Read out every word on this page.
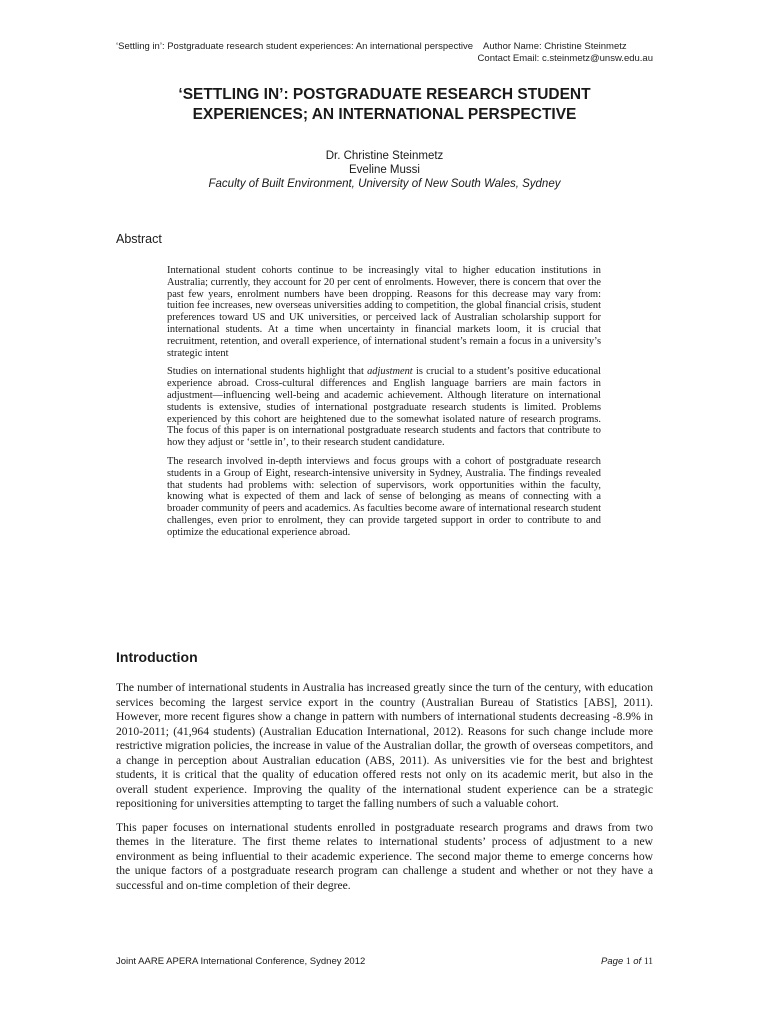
‘Settling in’: Postgraduate research student experiences: An international perspective    Author Name: Christine Steinmetz
Contact Email: c.steinmetz@unsw.edu.au
‘SETTLING IN’: POSTGRADUATE RESEARCH STUDENT
EXPERIENCES; AN INTERNATIONAL PERSPECTIVE
Dr. Christine Steinmetz
Eveline Mussi
Faculty of Built Environment, University of New South Wales, Sydney
Abstract

International student cohorts continue to be increasingly vital to higher education institutions in Australia; currently, they account for 20 per cent of enrolments. However, there is concern that over the past few years, enrolment numbers have been dropping. Reasons for this decrease may vary from: tuition fee increases, new overseas universities adding to competition, the global financial crisis, student preferences toward US and UK universities, or perceived lack of Australian scholarship support for international students. At a time when uncertainty in financial markets loom, it is crucial that recruitment, retention, and overall experience, of international student’s remain a focus in a university’s strategic intent

Studies on international students highlight that adjustment is crucial to a student’s positive educational experience abroad. Cross-cultural differences and English language barriers are main factors in adjustment—influencing well-being and academic achievement. Although literature on international students is extensive, studies of international postgraduate research students is limited. Problems experienced by this cohort are heightened due to the somewhat isolated nature of research programs. The focus of this paper is on international postgraduate research students and factors that contribute to how they adjust or ‘settle in’, to their research student candidature.

The research involved in-depth interviews and focus groups with a cohort of postgraduate research students in a Group of Eight, research-intensive university in Sydney, Australia. The findings revealed that students had problems with: selection of supervisors, work opportunities within the faculty, knowing what is expected of them and lack of sense of belonging as means of connecting with a broader community of peers and academics. As faculties become aware of international research student challenges, even prior to enrolment, they can provide targeted support in order to contribute to and optimize the educational experience abroad.

Introduction

The number of international students in Australia has increased greatly since the turn of the century, with education services becoming the largest service export in the country (Australian Bureau of Statistics [ABS], 2011). However, more recent figures show a change in pattern with numbers of international students decreasing -8.9% in 2010-2011; (41,964 students) (Australian Education International, 2012). Reasons for such change include more restrictive migration policies, the increase in value of the Australian dollar, the growth of overseas competitors, and a change in perception about Australian education (ABS, 2011). As universities vie for the best and brightest students, it is critical that the quality of education offered rests not only on its academic merit, but also in the overall student experience. Improving the quality of the international student experience can be a strategic repositioning for universities attempting to target the falling numbers of such a valuable cohort.

This paper focuses on international students enrolled in postgraduate research programs and draws from two themes in the literature. The first theme relates to international students’ process of adjustment to a new environment as being influential to their academic experience. The second major theme to emerge concerns how the unique factors of a postgraduate research program can challenge a student and whether or not they have a successful and on-time completion of their degree.

Joint AARE APERA International Conference, Sydney 2012	Page 1 of 11
